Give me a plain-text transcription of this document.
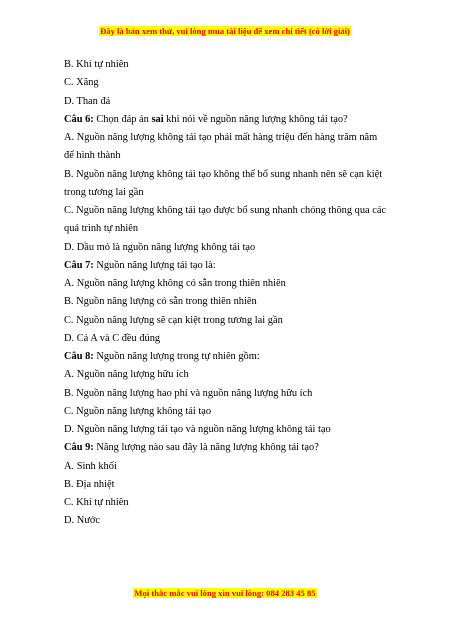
Đây là bản xem thử, vui lòng mua tài liệu để xem chi tiết (có lời giải)
B. Khí tự nhiên
C. Xăng
D. Than đá
Câu 6: Chọn đáp án sai khi nói về nguồn năng lượng không tái tạo?
A. Nguồn năng lượng không tái tạo phải mất hàng triệu đến hàng trăm năm để hình thành
B. Nguồn năng lượng không tái tạo không thể bổ sung nhanh nên sẽ cạn kiệt trong tương lai gần
C. Nguồn năng lượng không tái tạo được bổ sung nhanh chóng thông qua các quá trình tự nhiên
D. Dầu mỏ là nguồn năng lượng không tái tạo
Câu 7: Nguồn năng lượng tái tạo là:
A. Nguồn năng lượng không có sẵn trong thiên nhiên
B. Nguồn năng lượng có sẵn trong thiên nhiên
C. Nguồn năng lượng sẽ cạn kiệt trong tương lai gần
D. Cả A và C đều đúng
Câu 8: Nguồn năng lượng trong tự nhiên gồm:
A. Nguồn năng lượng hữu ích
B. Nguồn năng lượng hao phí và nguồn năng lượng hữu ích
C. Nguồn năng lượng không tái tạo
D. Nguồn năng lượng tái tạo và nguồn năng lượng không tái tạo
Câu 9: Năng lượng nào sau đây là năng lượng không tái tạo?
A. Sinh khối
B. Địa nhiệt
C. Khí tự nhiên
D. Nước
Mọi thắc mắc vui lòng xin vui lòng: 084 283 45 85
